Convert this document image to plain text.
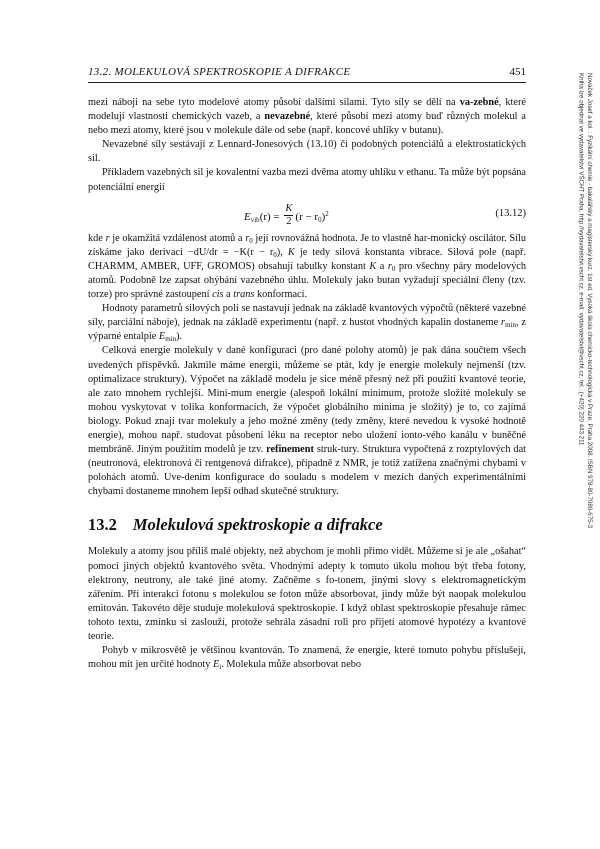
13.2. MOLEKULOVÁ SPEKTROSKOPIE A DIFRAKCE	451
Nováček Josef a kol. : Fyzikální chemie - bakalářský a magisterský kurz. 1st ed. Vysoká škola chemicko-technologická v Praze, Praha 2008. ISBN 978-80-7080-675-3
Kniha lze objednat ve vydavatelství VŠCHT Praha, http://vydavatelstvi.vscht.cz, e-mail: vydavatelstvi@vscht.cz, tel.: (+420) 220 443 211

mezi náboji na sebe tyto modelové atomy působí dalšími silami. Tyto síly se dělí na va-zebné, které modelují vlastnosti chemických vazeb, a nevazebné, které působí mezi atomy buď různých molekul a nebo mezi atomy, které jsou v molekule dále od sebe (např. koncové uhlíky v butanu).

Nevazebné síly sestávají z Lennard-Jonesových (13.10) či podobných potenciálů a elektrostatických sil.

Příkladem vazebných sil je kovalentní vazba mezi dvěma atomy uhlíku v ethanu. Ta může být popsána potenciální energií

$E_{vib}(r) = \frac{K}{2} (r - r_0)^2$	(13.12)

kde r je okamžitá vzdálenost atomů a $r_0$ její rovnovážná hodnota. Je to vlastně har-monický oscilátor. Sílu získáme jako derivaci $-dU/dr = -K(r - r_0)$, K je tedy silová konstanta vibrace. Silová pole (např. CHARMM, AMBER, UFF, GROMOS) obsahují tabulky konstant K a $r_0$ pro všechny páry modelových atomů. Podobně lze zapsat ohýbání vazebného úhlu. Molekuly jako butan vyžadují speciální členy (tzv. torze) pro správné zastoupení cis a trans konformací.

Hodnoty parametrů silových polí se nastavují jednak na základě kvantových výpočtů (některé vazebné síly, parciální náboje), jednak na základě experimentu (např. z hustot vhodných kapalin dostaneme $r_{min}$, z výparné entalpie $E_{min}$).

Celková energie molekuly v dané konfiguraci (pro dané polohy atomů) je pak dána součtem všech uvedených příspěvků. Jakmile máme energii, můžeme se ptát, kdy je energie molekuly nejmenší (tzv. optimalizace struktury). Výpočet na základě modelu je sice méně přesný než při použití kvantové teorie, ale zato mnohem rychlejší. Mini-mum energie (alespoň lokální minimum, protože složité molekuly se mohou vyskytovat v tolika konformacích, že výpočet globálního minima je složitý) je to, co zajímá biology. Pokud znají tvar molekuly a jeho možné změny (tedy změny, které nevedou k vysoké hodnotě energie), mohou např. studovat působení léku na receptor nebo uložení ionto-vého kanálu v buněčné membráně. Jiným použitím modelů je tzv. refinement struk-tury. Struktura vypočtená z rozptylových dat (neutronová, elektronová či rentgenová difrakce), případně z NMR, je totiž zatížena značnými chybami v polohách atomů. Uve-dením konfigurace do souladu s modelem v mezích daných experimentálními chybami dostaneme mnohem lepší odhad skutečné struktury.

13.2 Molekulová spektroskopie a difrakce

Molekuly a atomy jsou příliš malé objekty, než abychom je mohli přímo vidět. Můžeme si je ale „ošahat“ pomocí jiných objektů kvantového světa. Vhodnými adepty k tomuto úkolu mohou být třeba fotony, elektrony, neutrony, ale také jiné atomy. Začněme s fo-tonem, jinými slovy s elektromagnetickým zářením. Při interakci fotonu s molekulou se foton může absorbovat, jindy může být naopak molekulou emitován. Takovéto děje studuje molekulová spektroskopie. I když oblast spektroskopie přesahuje rámec tohoto textu, zmínku si zaslouží, protože sehrála zásadní roli pro přijetí atomové hypotézy a kvantové teorie.

Pohyb v mikrosvětě je většinou kvantován. To znamená, že energie, které tomuto pohybu příslušejí, mohou mít jen určité hodnoty $E_i$. Molekula může absorbovat nebo
